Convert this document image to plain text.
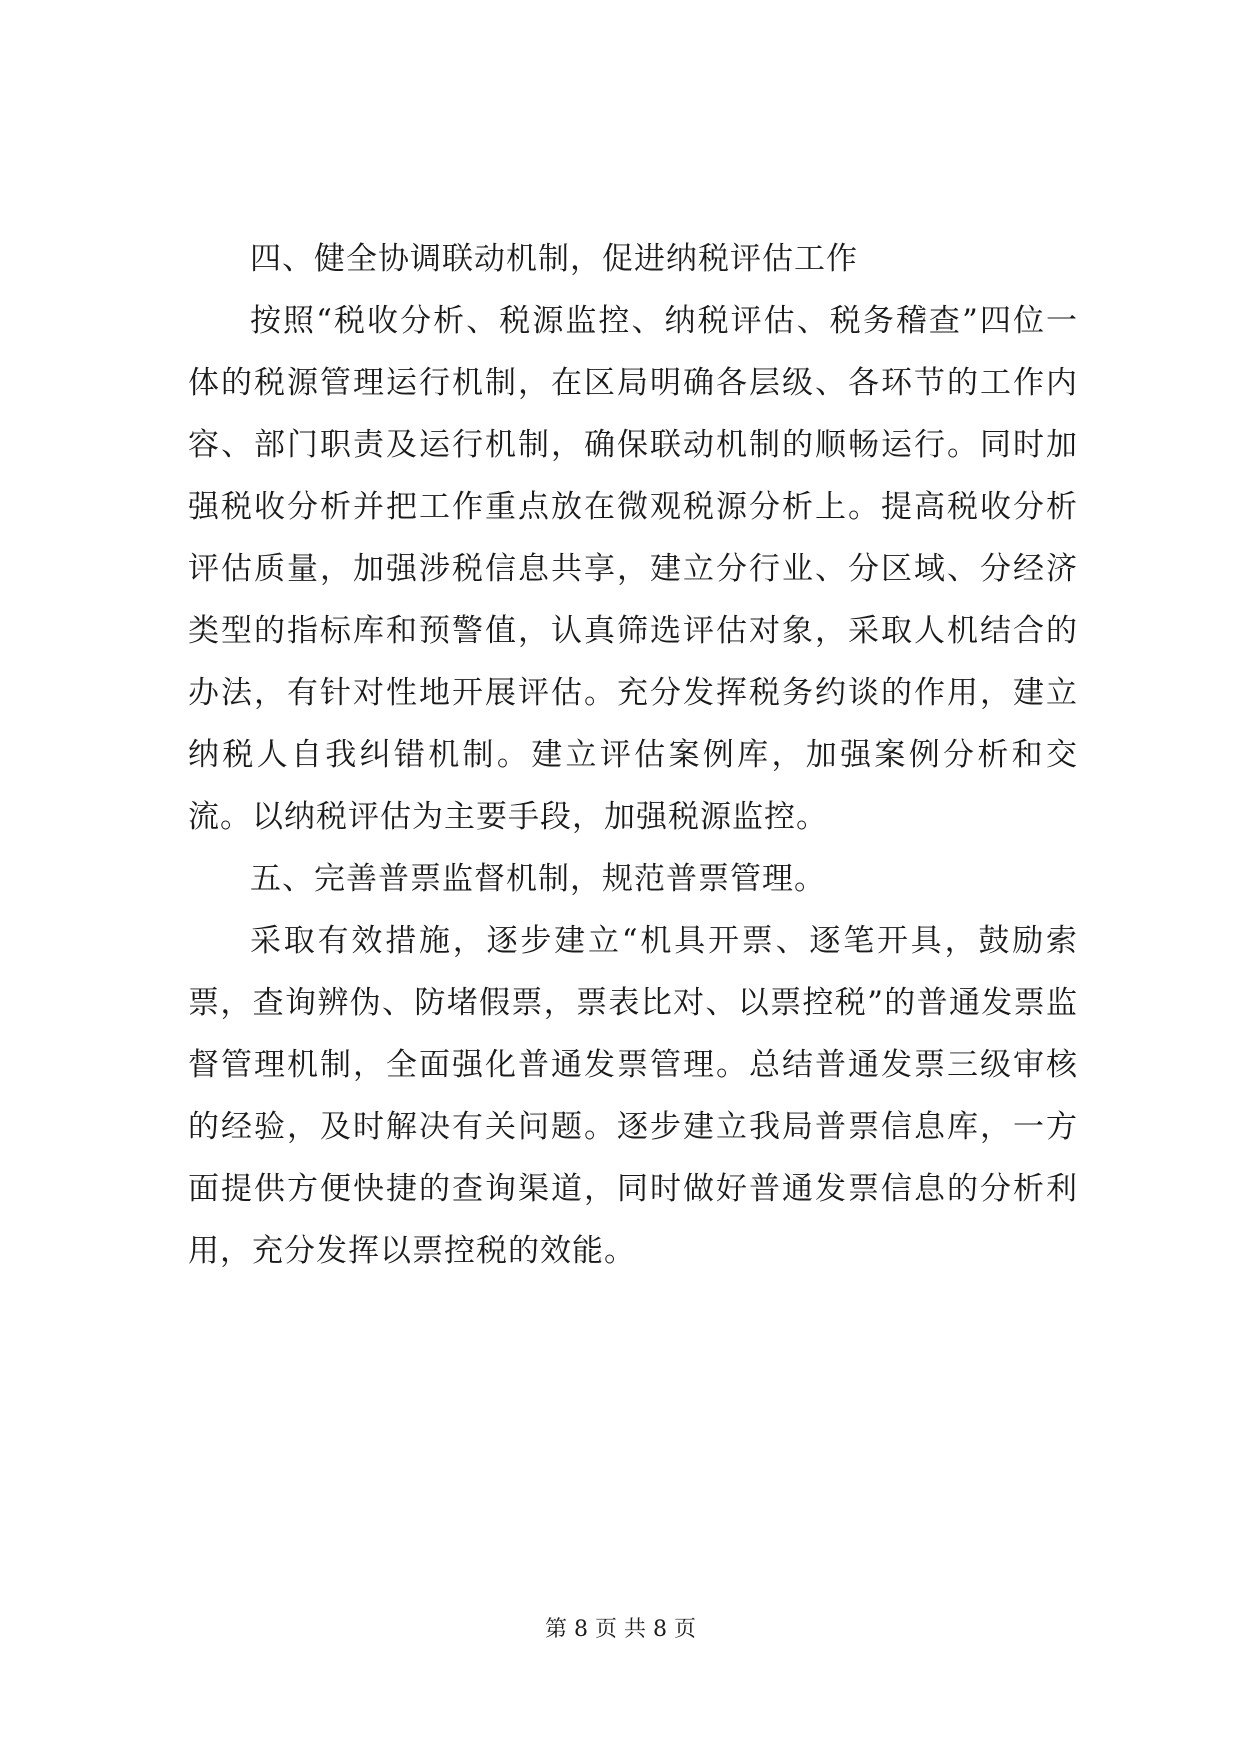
四、健全协调联动机制，促进纳税评估工作

按照“税收分析、税源监控、纳税评估、税务稽查”四位一体的税源管理运行机制，在区局明确各层级、各环节的工作内容、部门职责及运行机制，确保联动机制的顺畅运行。同时加强税收分析并把工作重点放在微观税源分析上。提高税收分析评估质量，加强涉税信息共享，建立分行业、分区域、分经济类型的指标库和预警值，认真筛选评估对象，采取人机结合的办法，有针对性地开展评估。充分发挥税务约谈的作用，建立纳税人自我纠错机制。建立评估案例库，加强案例分析和交流。以纳税评估为主要手段，加强税源监控。

五、完善普票监督机制，规范普票管理。

采取有效措施，逐步建立“机具开票、逐笔开具，鼓励索票，查询辨伪、防堵假票，票表比对、以票控税”的普通发票监督管理机制，全面强化普通发票管理。总结普通发票三级审核的经验，及时解决有关问题。逐步建立我局普票信息库，一方面提供方便快捷的查询渠道，同时做好普通发票信息的分析利用，充分发挥以票控税的效能。

第 8 页 共 8 页
